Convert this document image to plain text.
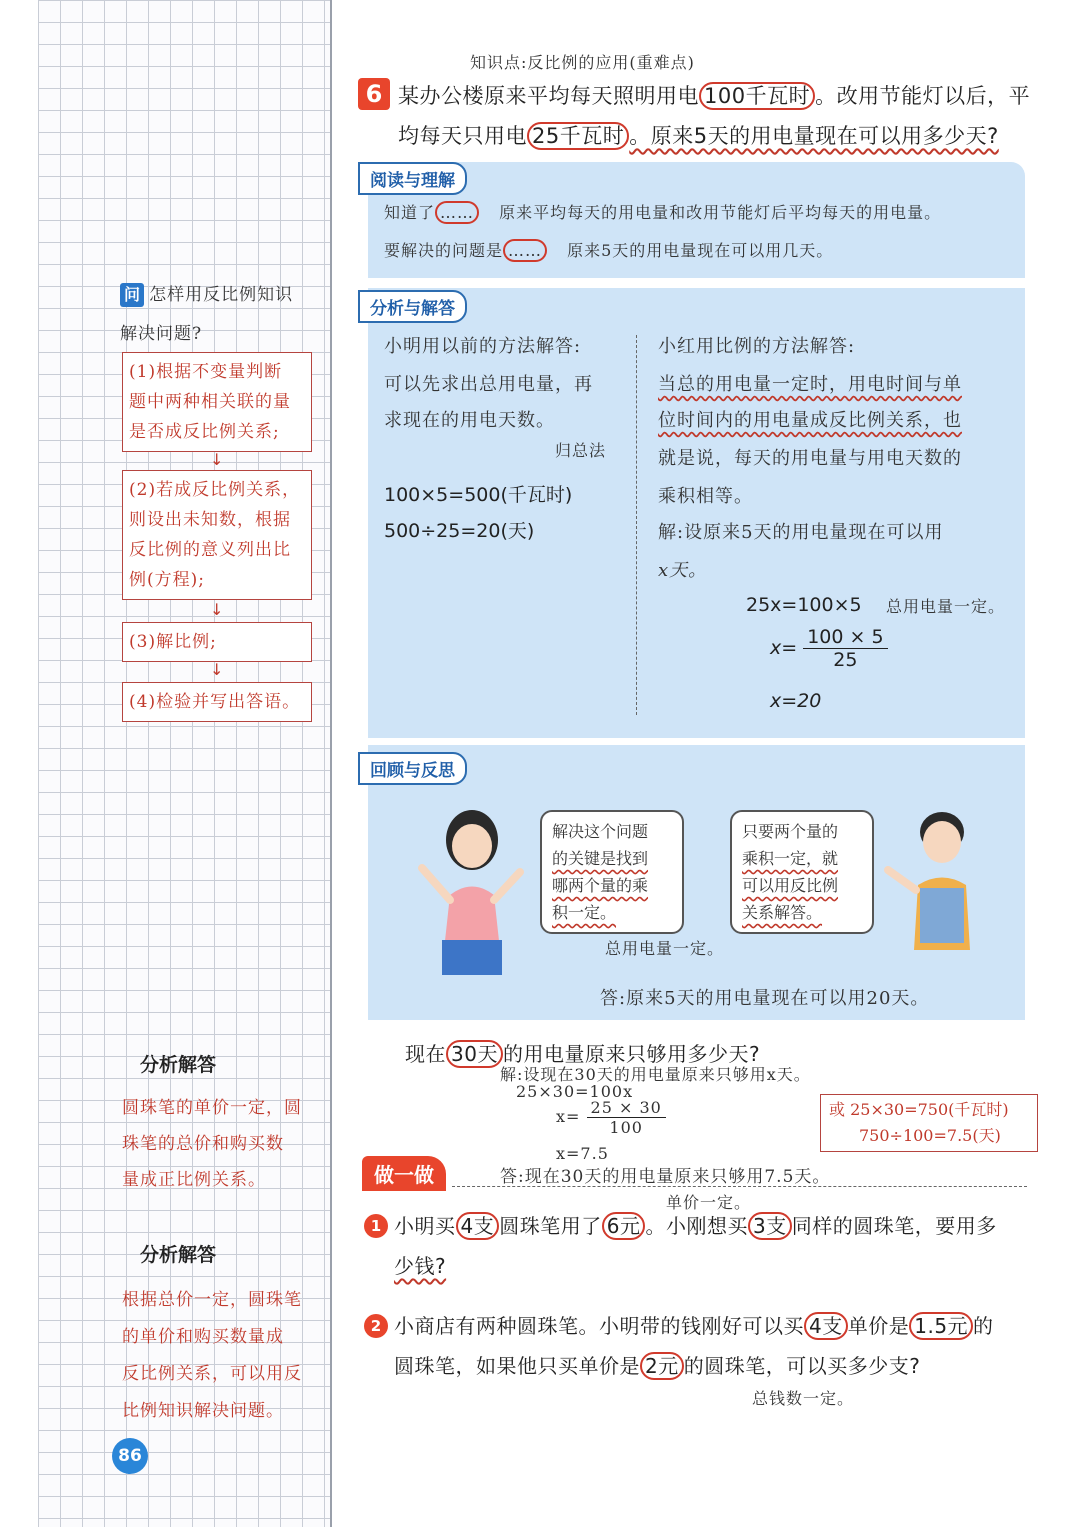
问 怎样用反比例知识
解决问题?
(1)根据不变量判断
题中两种相关联的量
是否成反比例关系;
↓
(2)若成反比例关系，
则设出未知数，根据
反比例的意义列出比
例(方程);
↓
(3)解比例;
↓
(4)检验并写出答语。
分析解答
圆珠笔的单价一定，圆
珠笔的总价和购买数
量成正比例关系。
分析解答
根据总价一定，圆珠笔
的单价和购买数量成
反比例关系，可以用反
比例知识解决问题。
86
知识点:反比例的应用(重难点)
6 某办公楼原来平均每天照明用电 100千瓦时 。改用节能灯以后，平
均每天只用电 25千瓦时 。原来5天的用电量现在可以用多少天?
阅读与理解
知道了 …… 原来平均每天的用电量和改用节能灯后平均每天的用电量。
要解决的问题是 …… 原来5天的用电量现在可以用几天。
分析与解答
小明用以前的方法解答:
可以先求出总用电量，再
求现在的用电天数。
归总法
100×5=500(千瓦时)
500÷25=20(天)
小红用比例的方法解答:
当总的用电量一定时，用电时间与单
位时间内的用电量成反比例关系，也
就是说，每天的用电量与用电天数的
乘积相等。
解:设原来5天的用电量现在可以用
x天。
25x=100×5 总用电量一定。
$x= \frac{100 \times 5}{25}$
x=20
回顾与反思
解决这个问题
的关键是找到
哪两个量的乘
积一定。
总用电量一定。
只要两个量的
乘积一定，就
可以用反比例
关系解答。
答:原来5天的用电量现在可以用20天。
现在 30天 的用电量原来只够用多少天?
解:设现在30天的用电量原来只够用x天。
25×30=100x
$x= \frac{25 \times 30}{100}$
x=7.5
答:现在30天的用电量原来只够用7.5天。
或 25×30=750(千瓦时)
750÷100=7.5(天)
做一做
单价一定。
1 小明买 4支 圆珠笔用了 6元 。小刚想买 3支 同样的圆珠笔，要用多
少钱?
2 小商店有两种圆珠笔。小明带的钱刚好可以买 4支 单价是 1.5元 的
圆珠笔，如果他只买单价是 2元 的圆珠笔，可以买多少支?
总钱数一定。
